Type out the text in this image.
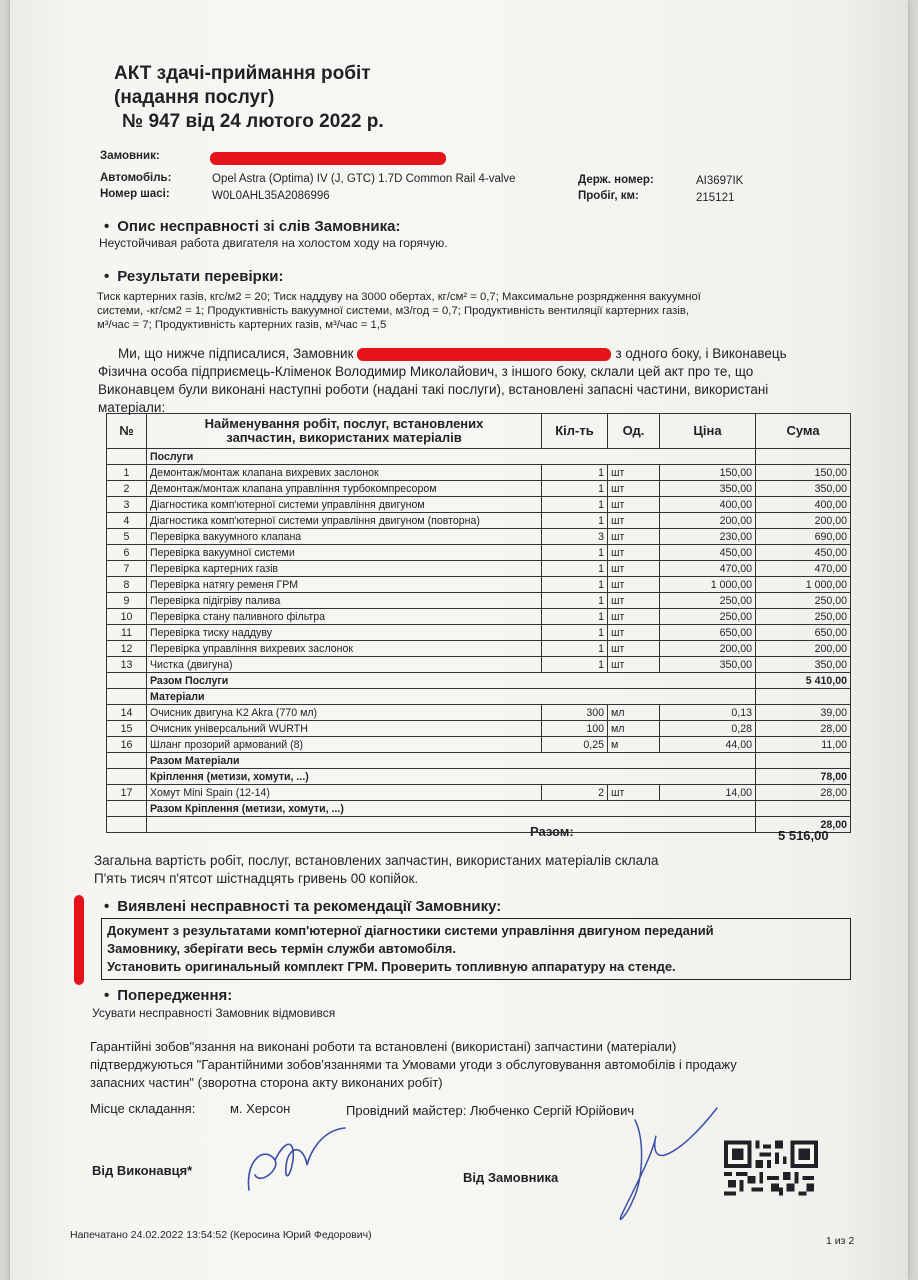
АКТ здачі-приймання робіт
(надання послуг)
№ 947 від 24 лютого 2022 р.
Замовник:
Автомобіль:	Opel Astra (Optima) IV (J, GTC) 1.7D Common Rail 4-valve	Держ. номер:	AI3697IK
Номер шасі:	W0L0AHL35A2086996	Пробіг, км:	215121
• Опис несправності зі слів Замовника:
Неустойчивая работа двигателя на холостом ходу на горячую.
• Результати перевірки:
Тиск картерних газів, кгс/м2 = 20; Тиск наддуву на 3000 обертах, кг/см² = 0,7; Максимальне розрядження вакуумної
системи, -кг/см2 = 1; Продуктивність вакуумної системи, м3/год = 0,7; Продуктивність вентиляції картерних газів,
м³/час = 7; Продуктивність картерних газів, м³/час = 1,5
Ми, що нижче підписалися, Замовник	з одного боку, і Виконавець
Фізична особа підприємець-Кліменок Володимир Миколайович, з іншого боку, склали цей акт про те, що
Виконавцем були виконані наступні роботи (надані такі послуги), встановлені запасні частини, використані
матеріали:
№	Найменування робіт, послуг, встановлених
запчастин, використаних матеріалів	Кіл-ть	Од.	Ціна	Сума
	Послуги				
1	Демонтаж/монтаж клапана вихревих заслонок	1	шт	150,00	150,00
2	Демонтаж/монтаж клапана управління турбокомпресором	1	шт	350,00	350,00
3	Діагностика комп'ютерної системи управління двигуном	1	шт	400,00	400,00
4	Діагностика комп'ютерної системи управління двигуном (повторна)	1	шт	200,00	200,00
5	Перевірка вакуумного клапана	3	шт	230,00	690,00
6	Перевірка вакуумної системи	1	шт	450,00	450,00
7	Перевірка картерних газів	1	шт	470,00	470,00
8	Перевірка натягу ременя ГРМ	1	шт	1 000,00	1 000,00
9	Перевірка підігріву палива	1	шт	250,00	250,00
10	Перевірка стану паливного фільтра	1	шт	250,00	250,00
11	Перевірка тиску наддуву	1	шт	650,00	650,00
12	Перевірка управління вихревих заслонок	1	шт	200,00	200,00
13	Чистка (двигуна)	1	шт	350,00	350,00
	Разом Послуги				5 410,00
	Матеріали				
14	Очисник двигуна K2 Akra (770 мл)	300	мл	0,13	39,00
15	Очисник універсальний WURTH	100	мл	0,28	28,00
16	Шланг прозорий армований (8)	0,25	м	44,00	11,00
	Разом Матеріали				
	Кріплення (метизи, хомути, ...)				78,00
17	Хомут Mini Spain (12-14)	2	шт	14,00	28,00
	Разом Кріплення (метизи, хомути, ...)				
					28,00
Разом:	5 516,00
Загальна вартість робіт, послуг, встановлених запчастин, використаних матеріалів склала
П'ять тисяч п'ятсот шістнадцять гривень 00 копійок.
• Виявлені несправності та рекомендації Замовнику:
Документ з результатами комп'ютерної діагностики системи управління двигуном переданий
Замовнику, зберігати весь термін служби автомобіля.
Установить оригинальный комплект ГРМ. Проверить топливную аппаратуру на стенде.
• Попередження:
Усувати несправності Замовник відмовився
Гарантійні зобов"язання на виконані роботи та встановлені (використані) запчастини (матеріали)
підтверджуються "Гарантійними зобов'язаннями та Умовами угоди з обслуговування автомобілів і продажу
запасних частин" (зворотна сторона акту виконаних робіт)
Місце складання:	м. Херсон	Провідний майстер: Любченко Сергій Юрійович
Від Виконавця*	Від Замовника
Напечатано 24.02.2022 13:54:52 (Керосина Юрий Федорович)	1 из 2
